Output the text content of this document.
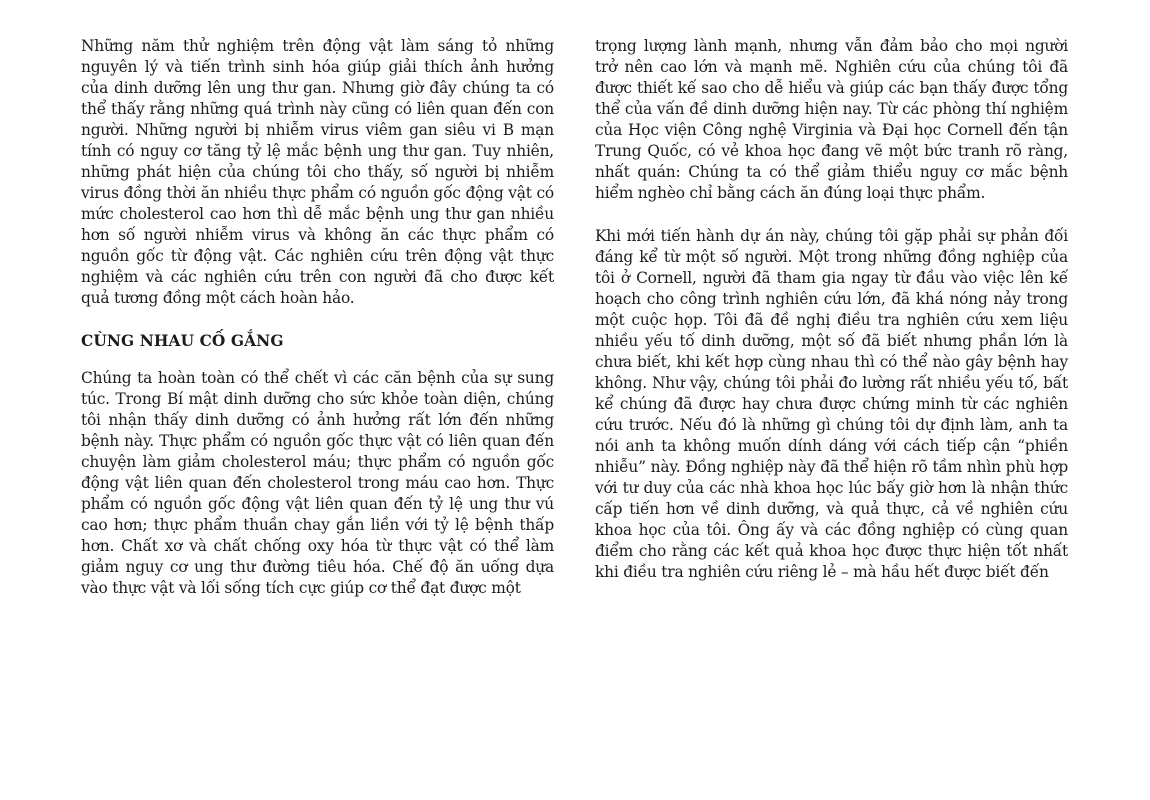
Những năm thử nghiệm trên động vật làm sáng tỏ những nguyên lý và tiến trình sinh hóa giúp giải thích ảnh hưởng của dinh dưỡng lên ung thư gan. Nhưng giờ đây chúng ta có thể thấy rằng những quá trình này cũng có liên quan đến con người. Những người bị nhiễm virus viêm gan siêu vi B mạn tính có nguy cơ tăng tỷ lệ mắc bệnh ung thư gan. Tuy nhiên, những phát hiện của chúng tôi cho thấy, số người bị nhiễm virus đồng thời ăn nhiều thực phẩm có nguồn gốc động vật có mức cholesterol cao hơn thì dễ mắc bệnh ung thư gan nhiều hơn số người nhiễm virus và không ăn các thực phẩm có nguồn gốc từ động vật. Các nghiên cứu trên động vật thực nghiệm và các nghiên cứu trên con người đã cho được kết quả tương đồng một cách hoàn hảo.

CÙNG NHAU CỐ GẮNG

Chúng ta hoàn toàn có thể chết vì các căn bệnh của sự sung túc. Trong Bí mật dinh dưỡng cho sức khỏe toàn diện, chúng tôi nhận thấy dinh dưỡng có ảnh hưởng rất lớn đến những bệnh này. Thực phẩm có nguồn gốc thực vật có liên quan đến chuyện làm giảm cholesterol máu; thực phẩm có nguồn gốc động vật liên quan đến cholesterol trong máu cao hơn. Thực phẩm có nguồn gốc động vật liên quan đến tỷ lệ ung thư vú cao hơn; thực phẩm thuần chay gắn liền với tỷ lệ bệnh thấp hơn. Chất xơ và chất chống oxy hóa từ thực vật có thể làm giảm nguy cơ ung thư đường tiêu hóa. Chế độ ăn uống dựa vào thực vật và lối sống tích cực giúp cơ thể đạt được một

trọng lượng lành mạnh, nhưng vẫn đảm bảo cho mọi người trở nên cao lớn và mạnh mẽ. Nghiên cứu của chúng tôi đã được thiết kế sao cho dễ hiểu và giúp các bạn thấy được tổng thể của vấn đề dinh dưỡng hiện nay. Từ các phòng thí nghiệm của Học viện Công nghệ Virginia và Đại học Cornell đến tận Trung Quốc, có vẻ khoa học đang vẽ một bức tranh rõ ràng, nhất quán: Chúng ta có thể giảm thiểu nguy cơ mắc bệnh hiểm nghèo chỉ bằng cách ăn đúng loại thực phẩm.

Khi mới tiến hành dự án này, chúng tôi gặp phải sự phản đối đáng kể từ một số người. Một trong những đồng nghiệp của tôi ở Cornell, người đã tham gia ngay từ đầu vào việc lên kế hoạch cho công trình nghiên cứu lớn, đã khá nóng nảy trong một cuộc họp. Tôi đã đề nghị điều tra nghiên cứu xem liệu nhiều yếu tố dinh dưỡng, một số đã biết nhưng phần lớn là chưa biết, khi kết hợp cùng nhau thì có thể nào gây bệnh hay không. Như vậy, chúng tôi phải đo lường rất nhiều yếu tố, bất kể chúng đã được hay chưa được chứng minh từ các nghiên cứu trước. Nếu đó là những gì chúng tôi dự định làm, anh ta nói anh ta không muốn dính dáng với cách tiếp cận “phiền nhiễu” này. Đồng nghiệp này đã thể hiện rõ tầm nhìn phù hợp với tư duy của các nhà khoa học lúc bấy giờ hơn là nhận thức cấp tiến hơn về dinh dưỡng, và quả thực, cả về nghiên cứu khoa học của tôi. Ông ấy và các đồng nghiệp có cùng quan điểm cho rằng các kết quả khoa học được thực hiện tốt nhất khi điều tra nghiên cứu riêng lẻ – mà hầu hết được biết đến
